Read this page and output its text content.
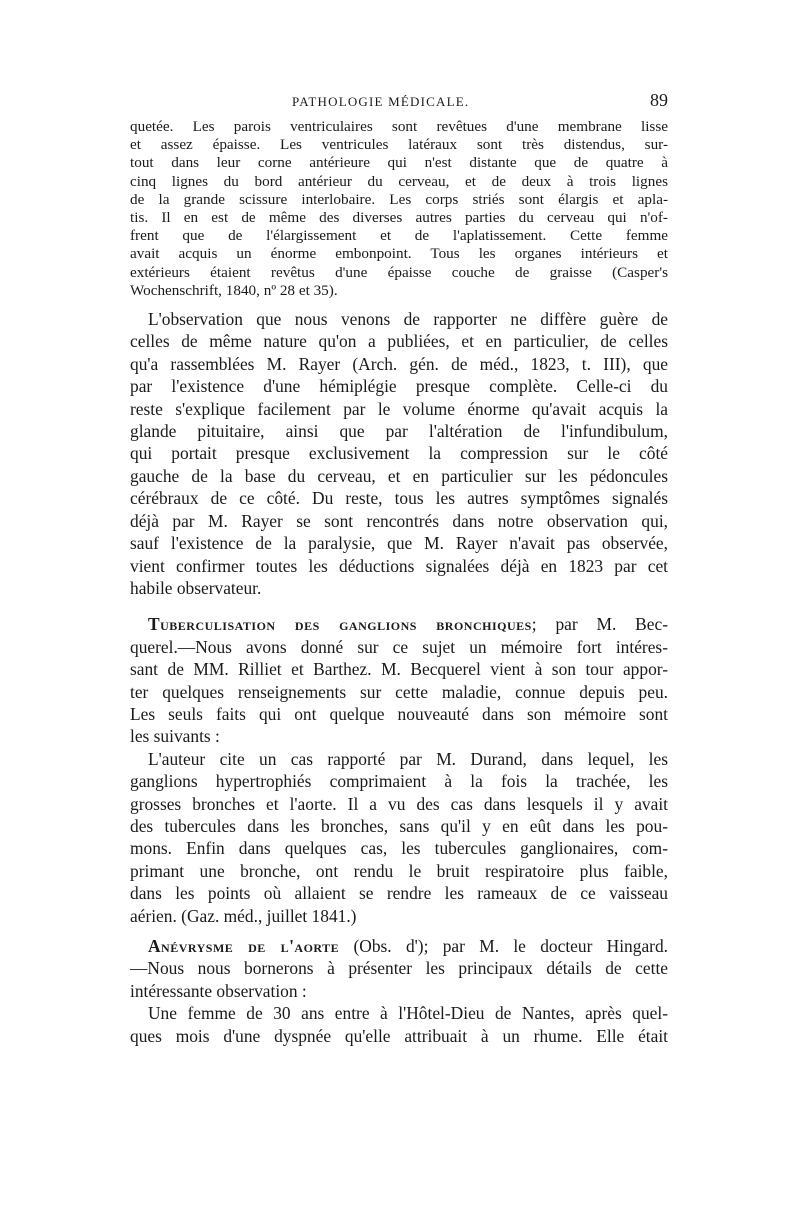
PATHOLOGIE MÉDICALE.	89
quetée. Les parois ventriculaires sont revêtues d'une membrane lisse
et assez épaisse. Les ventricules latéraux sont très distendus, sur-
tout dans leur corne antérieure qui n'est distante que de quatre à
cinq lignes du bord antérieur du cerveau, et de deux à trois lignes
de la grande scissure interlobaire. Les corps striés sont élargis et apla-
tis. Il en est de même des diverses autres parties du cerveau qui n'of-
frent que de l'élargissement et de l'aplatissement. Cette femme
avait acquis un énorme embonpoint. Tous les organes intérieurs et
extérieurs étaient revêtus d'une épaisse couche de graisse (Casper's
Wochenschrift, 1840, nº 28 et 35).
L'observation que nous venons de rapporter ne diffère guère de
celles de même nature qu'on a publiées, et en particulier, de celles
qu'a rassemblées M. Rayer (Arch. gén. de méd., 1823, t. III), que
par l'existence d'une hémiplégie presque complète. Celle-ci du
reste s'explique facilement par le volume énorme qu'avait acquis la
glande pituitaire, ainsi que par l'altération de l'infundibulum,
qui portait presque exclusivement la compression sur le côté
gauche de la base du cerveau, et en particulier sur les pédoncules
cérébraux de ce côté. Du reste, tous les autres symptômes signalés
déjà par M. Rayer se sont rencontrés dans notre observation qui,
sauf l'existence de la paralysie, que M. Rayer n'avait pas observée,
vient confirmer toutes les déductions signalées déjà en 1823 par cet
habile observateur.
Tuberculisation des ganglions bronchiques; par M. Bec-
querel.—Nous avons donné sur ce sujet un mémoire fort intéres-
sant de MM. Rilliet et Barthez. M. Becquerel vient à son tour appor-
ter quelques renseignements sur cette maladie, connue depuis peu.
Les seuls faits qui ont quelque nouveauté dans son mémoire sont
les suivants :
L'auteur cite un cas rapporté par M. Durand, dans lequel, les
ganglions hypertrophiés comprimaient à la fois la trachée, les
grosses bronches et l'aorte. Il a vu des cas dans lesquels il y avait
des tubercules dans les bronches, sans qu'il y en eût dans les pou-
mons. Enfin dans quelques cas, les tubercules ganglionaires, com-
primant une bronche, ont rendu le bruit respiratoire plus faible,
dans les points où allaient se rendre les rameaux de ce vaisseau
aérien. (Gaz. méd., juillet 1841.)
Anévrysme de l'aorte (Obs. d'); par M. le docteur Hingard.
—Nous nous bornerons à présenter les principaux détails de cette
intéressante observation :
Une femme de 30 ans entre à l'Hôtel-Dieu de Nantes, après quel-
ques mois d'une dyspnée qu'elle attribuait à un rhume. Elle était
